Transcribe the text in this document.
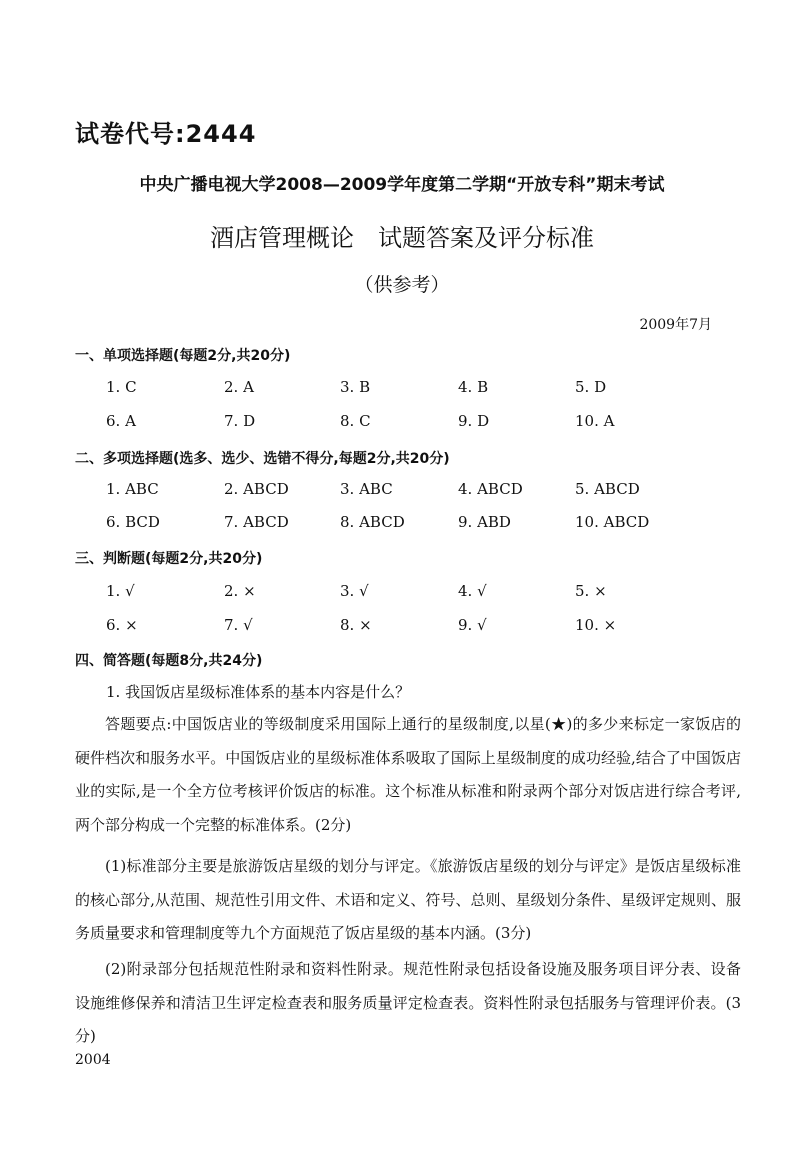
试卷代号:2444
中央广播电视大学2008—2009学年度第二学期“开放专科”期末考试
酒店管理概论　试题答案及评分标准
（供参考）
2009年7月
一、单项选择题(每题2分,共20分)
1. C	2. A	3. B	4. B	5. D
6. A	7. D	8. C	9. D	10. A
二、多项选择题(选多、选少、选错不得分,每题2分,共20分)
1. ABC	2. ABCD	3. ABC	4. ABCD	5. ABCD
6. BCD	7. ABCD	8. ABCD	9. ABD	10. ABCD
三、判断题(每题2分,共20分)
1. √	2. ×	3. √	4. √	5. ×
6. ×	7. √	8. ×	9. √	10. ×
四、简答题(每题8分,共24分)
1. 我国饭店星级标准体系的基本内容是什么？
答题要点:中国饭店业的等级制度采用国际上通行的星级制度,以星(★)的多少来标定一家饭店的硬件档次和服务水平。中国饭店业的星级标准体系吸取了国际上星级制度的成功经验,结合了中国饭店业的实际,是一个全方位考核评价饭店的标准。这个标准从标准和附录两个部分对饭店进行综合考评,两个部分构成一个完整的标准体系。(2分)
(1)标准部分主要是旅游饭店星级的划分与评定。《旅游饭店星级的划分与评定》是饭店星级标准的核心部分,从范围、规范性引用文件、术语和定义、符号、总则、星级划分条件、星级评定规则、服务质量要求和管理制度等九个方面规范了饭店星级的基本内涵。(3分)
(2)附录部分包括规范性附录和资料性附录。规范性附录包括设备设施及服务项目评分表、设备设施维修保养和清洁卫生评定检查表和服务质量评定检查表。资料性附录包括服务与管理评价表。(3分)
2004
